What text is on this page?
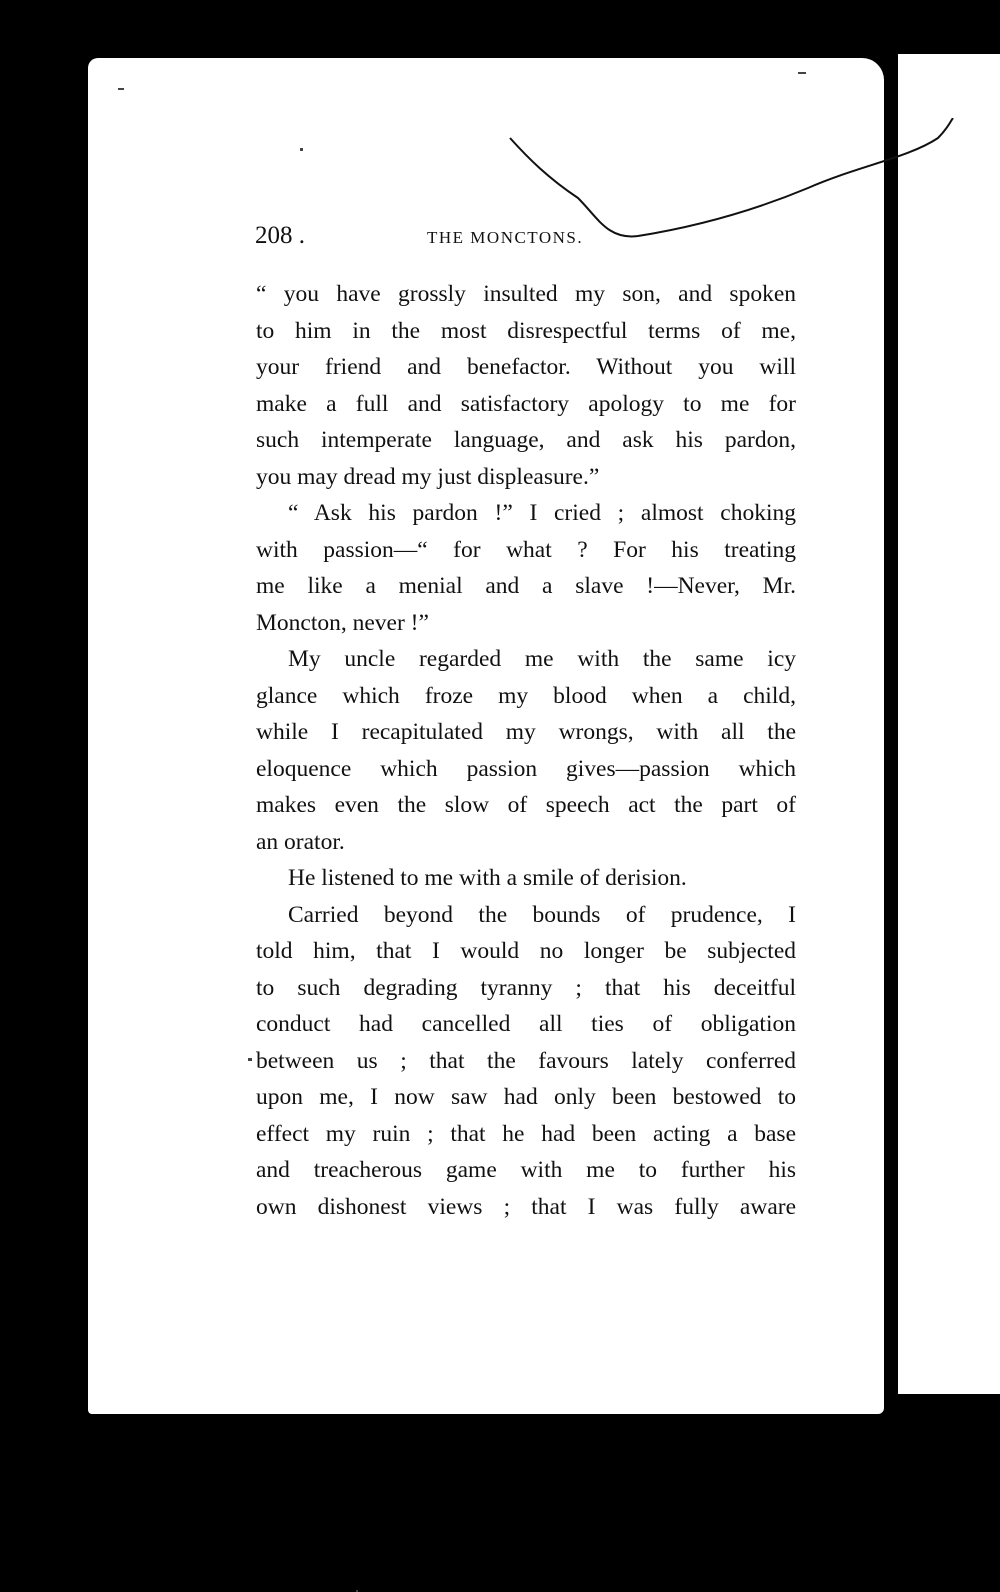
208 .	THE MONCTONS.
“ you have grossly insulted my son, and spoken
to him in the most disrespectful terms of me,
your friend and benefactor. Without you will
make a full and satisfactory apology to me for
such intemperate language, and ask his pardon,
you may dread my just displeasure.”
“ Ask his pardon !” I cried ; almost choking
with passion—“ for what ? For his treating
me like a menial and a slave !—Never, Mr.
Moncton, never !”
My uncle regarded me with the same icy
glance which froze my blood when a child,
while I recapitulated my wrongs, with all the
eloquence which passion gives—passion which
makes even the slow of speech act the part of
an orator.
He listened to me with a smile of derision.
Carried beyond the bounds of prudence, I
told him, that I would no longer be subjected
to such degrading tyranny ; that his deceitful
conduct had cancelled all ties of obligation
between us ; that the favours lately conferred
upon me, I now saw had only been bestowed to
effect my ruin ; that he had been acting a base
and treacherous game with me to further his
own dishonest views ; that I was fully aware
